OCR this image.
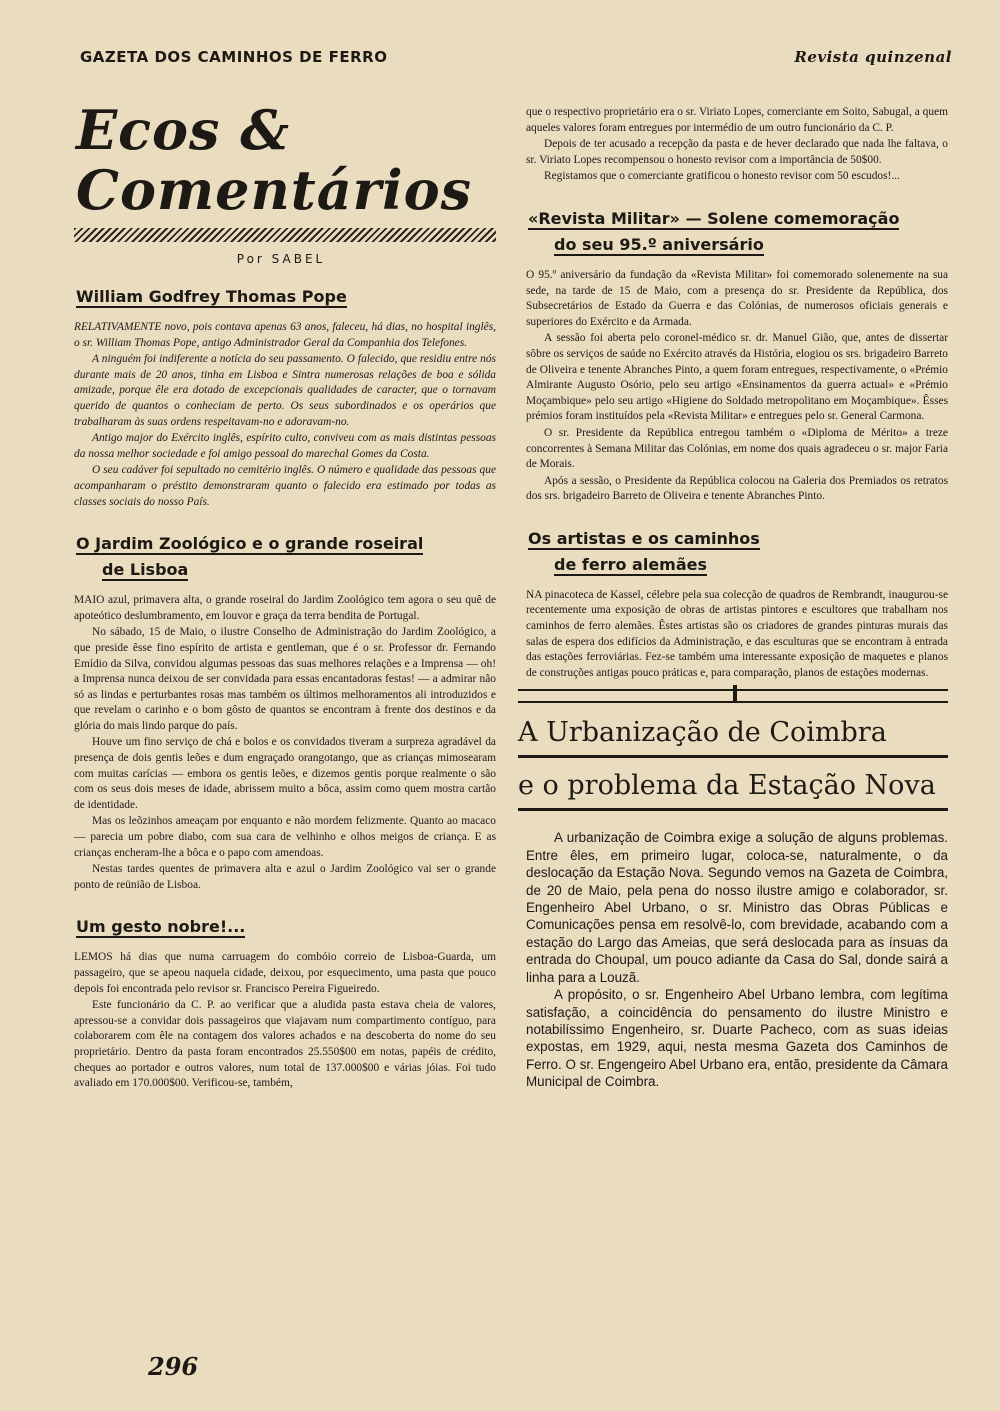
GAZETA DOS CAMINHOS DE FERRO	Revista quinzenal
Ecos & Comentários
Por SABEL
William Godfrey Thomas Pope

RELATIVAMENTE novo, pois contava apenas 63 anos, faleceu, há dias, no hospital inglês, o sr. William Thomas Pope, antigo Administrador Geral da Companhia dos Telefones.

A ninguém foi indiferente a notícia do seu passamento. O falecido, que residiu entre nós durante mais de 20 anos, tinha em Lisboa e Sintra numerosas relações de boa e sólida amizade, porque êle era dotado de excepcionais qualidades de caracter, que o tornavam querido de quantos o conheciam de perto. Os seus subordinados e os operários que trabalharam às suas ordens respeitavam-no e adoravam-no.

Antigo major do Exército inglês, espírito culto, conviveu com as mais distintas pessoas da nossa melhor sociedade e foi amigo pessoal do marechal Gomes da Costa.

O seu cadáver foi sepultado no cemitério inglês. O número e qualidade das pessoas que acompanharam o préstito demonstraram quanto o falecido era estimado por todas as classes sociais do nosso País.

O Jardim Zoológico e o grande roseiral
de Lisboa

MAIO azul, primavera alta, o grande roseiral do Jardim Zoológico tem agora o seu quê de apoteótico deslumbramento, em louvor e graça da terra bendita de Portugal.

No sábado, 15 de Maio, o ilustre Conselho de Administração do Jardim Zoológico, a que preside êsse fino espírito de artista e gentleman, que é o sr. Professor dr. Fernando Emídio da Silva, convidou algumas pessoas das suas melhores relações e a Imprensa — oh! a Imprensa nunca deixou de ser convidada para essas encantadoras festas! — a admirar não só as lindas e perturbantes rosas mas também os últimos melhoramentos ali introduzidos e que revelam o carinho e o bom gôsto de quantos se encontram à frente dos destinos e da glória do mais lindo parque do país.

Houve um fino serviço de chá e bolos e os convidados tiveram a surpreza agradável da presença de dois gentis leões e dum engraçado orangotango, que as crianças mimosearam com muitas carícias — embora os gentis leões, e dizemos gentis porque realmente o são com os seus dois meses de idade, abrissem muito a bôca, assim como quem mostra cartão de identidade.

Mas os leõzinhos ameaçam por enquanto e não mordem felizmente. Quanto ao macaco — parecia um pobre diabo, com sua cara de velhinho e olhos meigos de criança. E as crianças encheram-lhe a bôca e o papo com amendoas.

Nestas tardes quentes de primavera alta e azul o Jardim Zoológico vai ser o grande ponto de reünião de Lisboa.

Um gesto nobre!...

LEMOS há dias que numa carruagem do combóio correio de Lisboa-Guarda, um passageiro, que se apeou naquela cidade, deixou, por esquecimento, uma pasta que pouco depois foi encontrada pelo revisor sr. Francisco Pereira Figueiredo.

Este funcionário da C. P. ao verificar que a aludida pasta estava cheia de valores, apressou-se a convidar dois passageiros que viajavam num compartimento contíguo, para colaborarem com êle na contagem dos valores achados e na descoberta do nome do seu proprietário. Dentro da pasta foram encontrados 25.550$00 em notas, papéis de crédito, cheques ao portador e outros valores, num total de 137.000$00 e várias jóias. Foi tudo avaliado em 170.000$00. Verificou-se, também,

que o respectivo proprietário era o sr. Viriato Lopes, comerciante em Soito, Sabugal, a quem aqueles valores foram entregues por intermédio de um outro funcionário da C. P.

Depois de ter acusado a recepção da pasta e de hever declarado que nada lhe faltava, o sr. Viriato Lopes recompensou o honesto revisor com a importância de 50$00.

Registamos que o comerciante gratificou o honesto revisor com 50 escudos!...

«Revista Militar» — Solene comemoração
do seu 95.º aniversário

O 95.º aniversário da fundação da «Revista Militar» foi comemorado solenemente na sua sede, na tarde de 15 de Maio, com a presença do sr. Presidente da República, dos Subsecretários de Estado da Guerra e das Colónias, de numerosos oficiais generais e superiores do Exército e da Armada.

A sessão foi aberta pelo coronel-médico sr. dr. Manuel Gião, que, antes de dissertar sôbre os serviços de saúde no Exército através da História, elogiou os srs. brigadeiro Barreto de Oliveira e tenente Abranches Pinto, a quem foram entregues, respectivamente, o «Prémio Almirante Augusto Osório, pelo seu artigo «Ensinamentos da guerra actual» e «Prémio Moçambique» pelo seu artigo «Higiene do Soldado metropolitano em Moçambique». Êsses prémios foram instituídos pela «Revista Militar» e entregues pelo sr. General Carmona.

O sr. Presidente da República entregou também o «Diploma de Mérito» a treze concorrentes à Semana Militar das Colónias, em nome dos quais agradeceu o sr. major Faria de Morais.

Após a sessão, o Presidente da República colocou na Galeria dos Premiados os retratos dos srs. brigadeiro Barreto de Oliveira e tenente Abranches Pinto.

Os artistas e os caminhos
de ferro alemães

NA pinacoteca de Kassel, célebre pela sua colecção de quadros de Rembrandt, inaugurou-se recentemente uma exposição de obras de artistas pintores e escultores que trabalham nos caminhos de ferro alemães. Êstes artistas são os criadores de grandes pinturas murais das salas de espera dos edifícios da Administração, e das esculturas que se encontram à entrada das estações ferroviárias. Fez-se também uma interessante exposição de maquetes e planos de construções antigas pouco práticas e, para comparação, planos de estações modernas.

A Urbanização de Coimbra
e o problema da Estação Nova

A urbanização de Coimbra exige a solução de alguns problemas. Entre êles, em primeiro lugar, coloca-se, naturalmente, o da deslocação da Estação Nova. Segundo vemos na Gazeta de Coimbra, de 20 de Maio, pela pena do nosso ilustre amigo e colaborador, sr. Engenheiro Abel Urbano, o sr. Ministro das Obras Públicas e Comunicações pensa em resolvê-lo, com brevidade, acabando com a estação do Largo das Ameias, que será deslocada para as ínsuas da entrada do Choupal, um pouco adiante da Casa do Sal, donde sairá a linha para a Louzã.

A propósito, o sr. Engenheiro Abel Urbano lembra, com legítima satisfação, a coincidência do pensamento do ilustre Ministro e notabilíssimo Engenheiro, sr. Duarte Pacheco, com as suas ideias expostas, em 1929, aqui, nesta mesma Gazeta dos Caminhos de Ferro. O sr. Engengeiro Abel Urbano era, então, presidente da Câmara Municipal de Coimbra.

296
